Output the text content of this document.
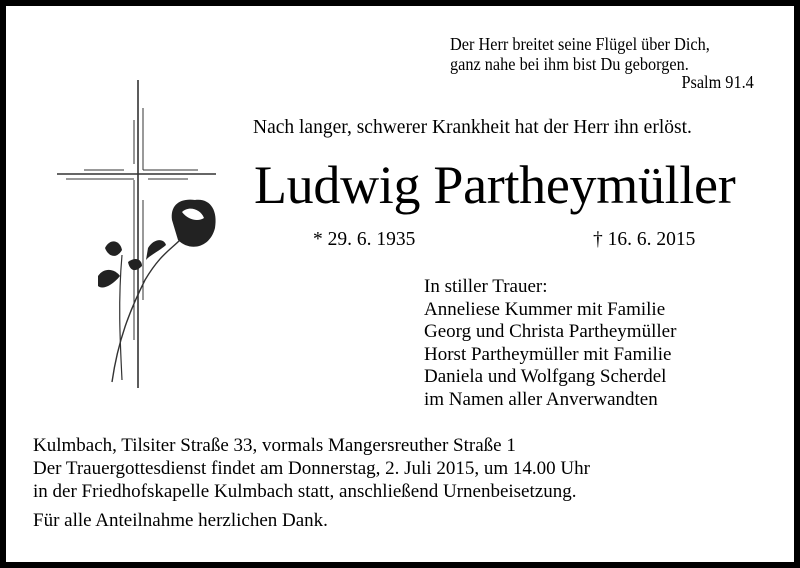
Der Herr breitet seine Flügel über Dich,
ganz nahe bei ihm bist Du geborgen.
Psalm 91.4
Nach langer, schwerer Krankheit hat der Herr ihn erlöst.
Ludwig Partheymüller
* 29. 6. 1935	† 16. 6. 2015
In stiller Trauer:
Anneliese Kummer mit Familie
Georg und Christa Partheymüller
Horst Partheymüller mit Familie
Daniela und Wolfgang Scherdel
im Namen aller Anverwandten
Kulmbach, Tilsiter Straße 33, vormals Mangersreuther Straße 1
Der Trauergottesdienst findet am Donnerstag, 2. Juli 2015, um 14.00 Uhr
in der Friedhofskapelle Kulmbach statt, anschließend Urnenbeisetzung.
Für alle Anteilnahme herzlichen Dank.
